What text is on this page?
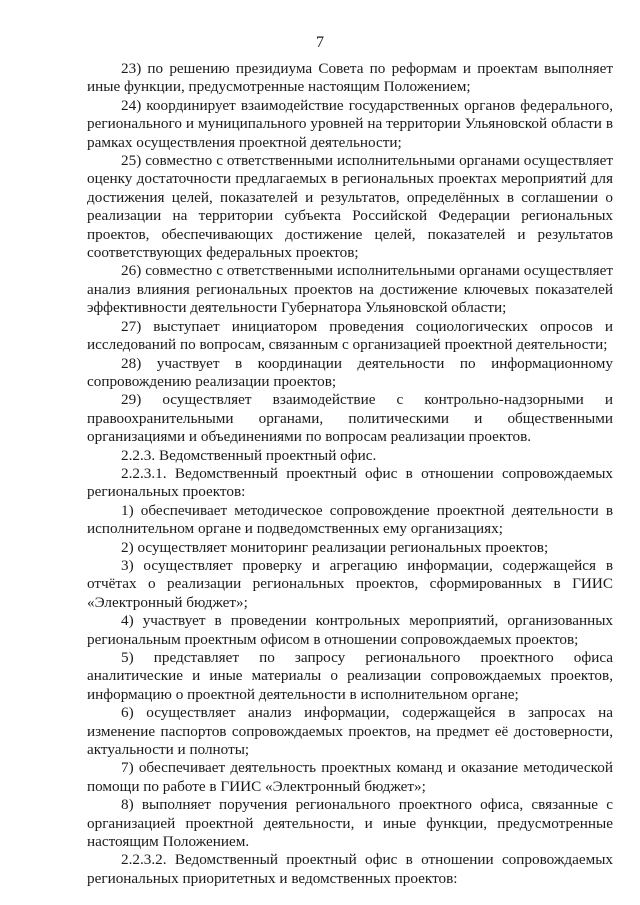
7

23) по решению президиума Совета по реформам и проектам выполняет иные функции, предусмотренные настоящим Положением;

24) координирует взаимодействие государственных органов федерального, регионального и муниципального уровней на территории Ульяновской области в рамках осуществления проектной деятельности;

25) совместно с ответственными исполнительными органами осуществляет оценку достаточности предлагаемых в региональных проектах мероприятий для достижения целей, показателей и результатов, определённых в соглашении о реализации на территории субъекта Российской Федерации региональных проектов, обеспечивающих достижение целей, показателей и результатов соответствующих федеральных проектов;

26) совместно с ответственными исполнительными органами осуществляет анализ влияния региональных проектов на достижение ключевых показателей эффективности деятельности Губернатора Ульяновской области;

27) выступает инициатором проведения социологических опросов и исследований по вопросам, связанным с организацией проектной деятельности;

28) участвует в координации деятельности по информационному сопровождению реализации проектов;

29) осуществляет взаимодействие с контрольно-надзорными и правоохранительными органами, политическими и общественными организациями и объединениями по вопросам реализации проектов.

2.2.3. Ведомственный проектный офис.

2.2.3.1. Ведомственный проектный офис в отношении сопровождаемых региональных проектов:

1) обеспечивает методическое сопровождение проектной деятельности в исполнительном органе и подведомственных ему организациях;

2) осуществляет мониторинг реализации региональных проектов;

3) осуществляет проверку и агрегацию информации, содержащейся в отчётах о реализации региональных проектов, сформированных в ГИИС «Электронный бюджет»;

4) участвует в проведении контрольных мероприятий, организованных региональным проектным офисом в отношении сопровождаемых проектов;

5) представляет по запросу регионального проектного офиса аналитические и иные материалы о реализации сопровождаемых проектов, информацию о проектной деятельности в исполнительном органе;

6) осуществляет анализ информации, содержащейся в запросах на изменение паспортов сопровождаемых проектов, на предмет её достоверности, актуальности и полноты;

7) обеспечивает деятельность проектных команд и оказание методической помощи по работе в ГИИС «Электронный бюджет»;

8) выполняет поручения регионального проектного офиса, связанные с организацией проектной деятельности, и иные функции, предусмотренные настоящим Положением.

2.2.3.2. Ведомственный проектный офис в отношении сопровождаемых региональных приоритетных и ведомственных проектов:
